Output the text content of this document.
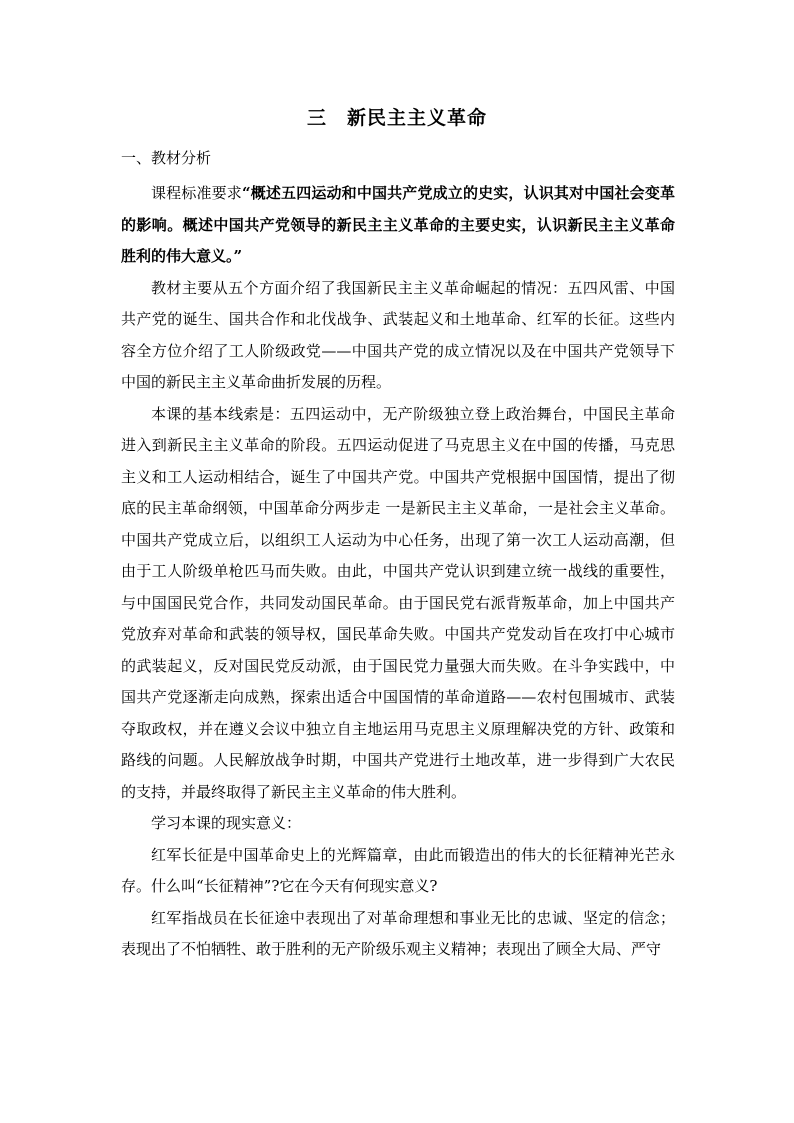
三　新民主主义革命
一、教材分析

课程标准要求“概述五四运动和中国共产党成立的史实，认识其对中国社会变革的影响。概述中国共产党领导的新民主主义革命的主要史实，认识新民主主义革命胜利的伟大意义。”

教材主要从五个方面介绍了我国新民主主义革命崛起的情况：五四风雷、中国共产党的诞生、国共合作和北伐战争、武装起义和土地革命、红军的长征。这些内容全方位介绍了工人阶级政党——中国共产党的成立情况以及在中国共产党领导下中国的新民主主义革命曲折发展的历程。

本课的基本线索是：五四运动中，无产阶级独立登上政治舞台，中国民主革命进入到新民主主义革命的阶段。五四运动促进了马克思主义在中国的传播，马克思主义和工人运动相结合，诞生了中国共产党。中国共产党根据中国国情，提出了彻底的民主革命纲领，中国革命分两步走 一是新民主主义革命，一是社会主义革命。中国共产党成立后，以组织工人运动为中心任务，出现了第一次工人运动高潮，但由于工人阶级单枪匹马而失败。由此，中国共产党认识到建立统一战线的重要性，与中国国民党合作，共同发动国民革命。由于国民党右派背叛革命，加上中国共产党放弃对革命和武装的领导权，国民革命失败。中国共产党发动旨在攻打中心城市的武装起义，反对国民党反动派，由于国民党力量强大而失败。在斗争实践中，中国共产党逐渐走向成熟，探索出适合中国国情的革命道路——农村包围城市、武装夺取政权，并在遵义会议中独立自主地运用马克思主义原理解决党的方针、政策和路线的问题。人民解放战争时期，中国共产党进行土地改革，进一步得到广大农民的支持，并最终取得了新民主主义革命的伟大胜利。

学习本课的现实意义：

红军长征是中国革命史上的光辉篇章，由此而锻造出的伟大的长征精神光芒永存。什么叫“长征精神”?它在今天有何现实意义?

红军指战员在长征途中表现出了对革命理想和事业无比的忠诚、坚定的信念；表现出了不怕牺牲、敢于胜利的无产阶级乐观主义精神；表现出了顾全大局、严守
